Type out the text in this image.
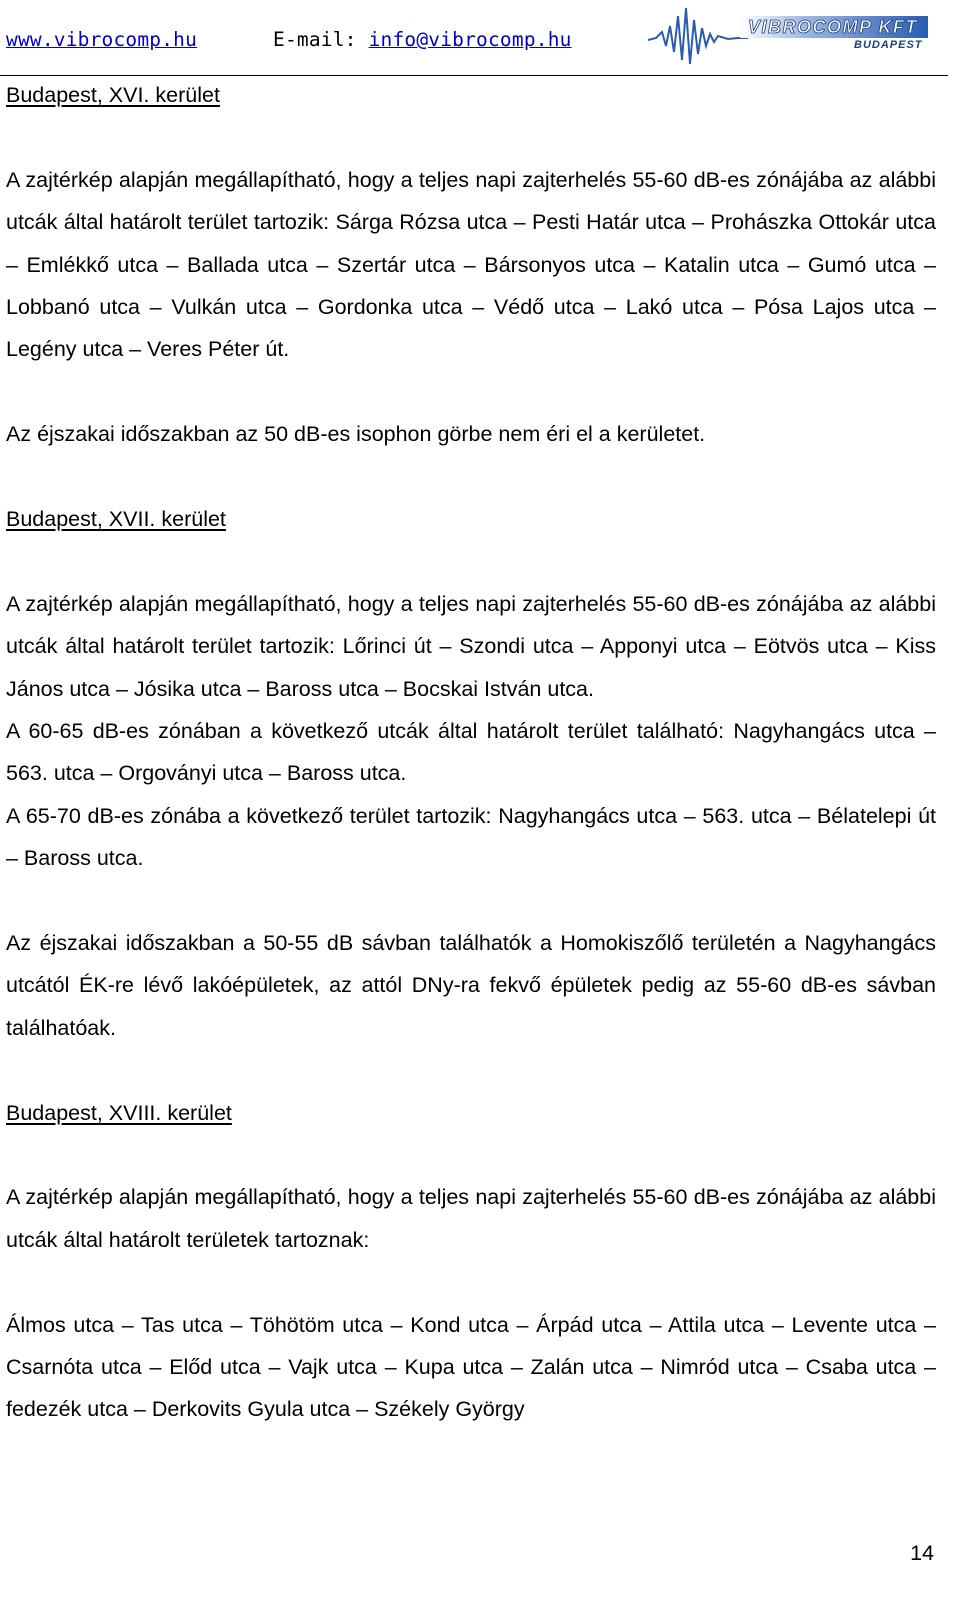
www.vibrocomp.hu	E-mail: info@vibrocomp.hu
VIBROCOMP KFT
BUDAPEST

Budapest, XVI. kerület

A zajtérkép alapján megállapítható, hogy a teljes napi zajterhelés 55-60 dB-es zónájába az alábbi utcák által határolt terület tartozik: Sárga Rózsa utca – Pesti Határ utca – Prohászka Ottokár utca – Emlékkő utca – Ballada utca – Szertár utca – Bársonyos utca – Katalin utca – Gumó utca – Lobbanó utca – Vulkán utca – Gordonka utca – Védő utca – Lakó utca – Pósa Lajos utca – Legény utca – Veres Péter út.

Az éjszakai időszakban az 50 dB-es isophon görbe nem éri el a kerületet.

Budapest, XVII. kerület

A zajtérkép alapján megállapítható, hogy a teljes napi zajterhelés 55-60 dB-es zónájába az alábbi utcák által határolt terület tartozik: Lőrinci út – Szondi utca – Apponyi utca – Eötvös utca – Kiss János utca – Jósika utca – Baross utca – Bocskai István utca.

A 60-65 dB-es zónában a következő utcák által határolt terület található: Nagyhangács utca – 563. utca – Orgoványi utca – Baross utca.

A 65-70 dB-es zónába a következő terület tartozik: Nagyhangács utca – 563. utca – Bélatelepi út – Baross utca.

Az éjszakai időszakban a 50-55 dB sávban találhatók a Homokiszőlő területén a Nagyhangács utcától ÉK-re lévő lakóépületek, az attól DNy-ra fekvő épületek pedig az 55-60 dB-es sávban találhatóak.

Budapest, XVIII. kerület

A zajtérkép alapján megállapítható, hogy a teljes napi zajterhelés 55-60 dB-es zónájába az alábbi utcák által határolt területek tartoznak:

Álmos utca – Tas utca – Töhötöm utca – Kond utca – Árpád utca – Attila utca – Levente utca – Csarnóta utca – Előd utca – Vajk utca – Kupa utca – Zalán utca – Nimród utca – Csaba utca – fedezék utca – Derkovits Gyula utca – Székely György

14
